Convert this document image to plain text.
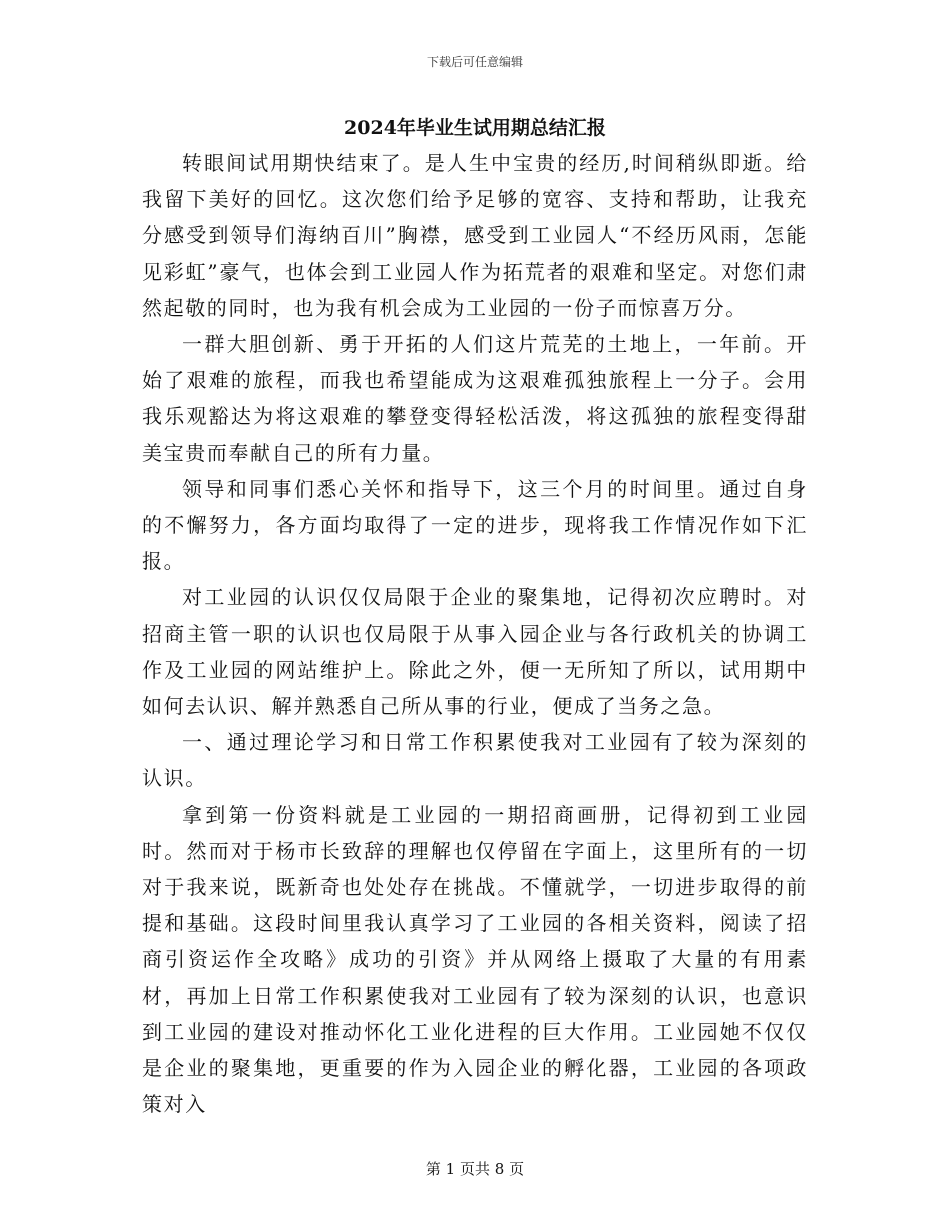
下载后可任意编辑
2024年毕业生试用期总结汇报

转眼间试用期快结束了。是人生中宝贵的经历,时间稍纵即逝。给我留下美好的回忆。这次您们给予足够的宽容、支持和帮助，让我充分感受到领导们海纳百川”胸襟，感受到工业园人“不经历风雨，怎能见彩虹”豪气，也体会到工业园人作为拓荒者的艰难和坚定。对您们肃然起敬的同时，也为我有机会成为工业园的一份子而惊喜万分。

一群大胆创新、勇于开拓的人们这片荒芜的土地上，一年前。开始了艰难的旅程，而我也希望能成为这艰难孤独旅程上一分子。会用我乐观豁达为将这艰难的攀登变得轻松活泼，将这孤独的旅程变得甜美宝贵而奉献自己的所有力量。

领导和同事们悉心关怀和指导下，这三个月的时间里。通过自身的不懈努力，各方面均取得了一定的进步，现将我工作情况作如下汇报。

对工业园的认识仅仅局限于企业的聚集地，记得初次应聘时。对招商主管一职的认识也仅局限于从事入园企业与各行政机关的协调工作及工业园的网站维护上。除此之外，便一无所知了所以，试用期中如何去认识、解并熟悉自己所从事的行业，便成了当务之急。

一、通过理论学习和日常工作积累使我对工业园有了较为深刻的认识。

拿到第一份资料就是工业园的一期招商画册，记得初到工业园时。然而对于杨市长致辞的理解也仅停留在字面上，这里所有的一切对于我来说，既新奇也处处存在挑战。不懂就学，一切进步取得的前提和基础。这段时间里我认真学习了工业园的各相关资料，阅读了招商引资运作全攻略》成功的引资》并从网络上摄取了大量的有用素材，再加上日常工作积累使我对工业园有了较为深刻的认识，也意识到工业园的建设对推动怀化工业化进程的巨大作用。工业园她不仅仅是企业的聚集地，更重要的作为入园企业的孵化器，工业园的各项政策对入

第 1 页共 8 页
